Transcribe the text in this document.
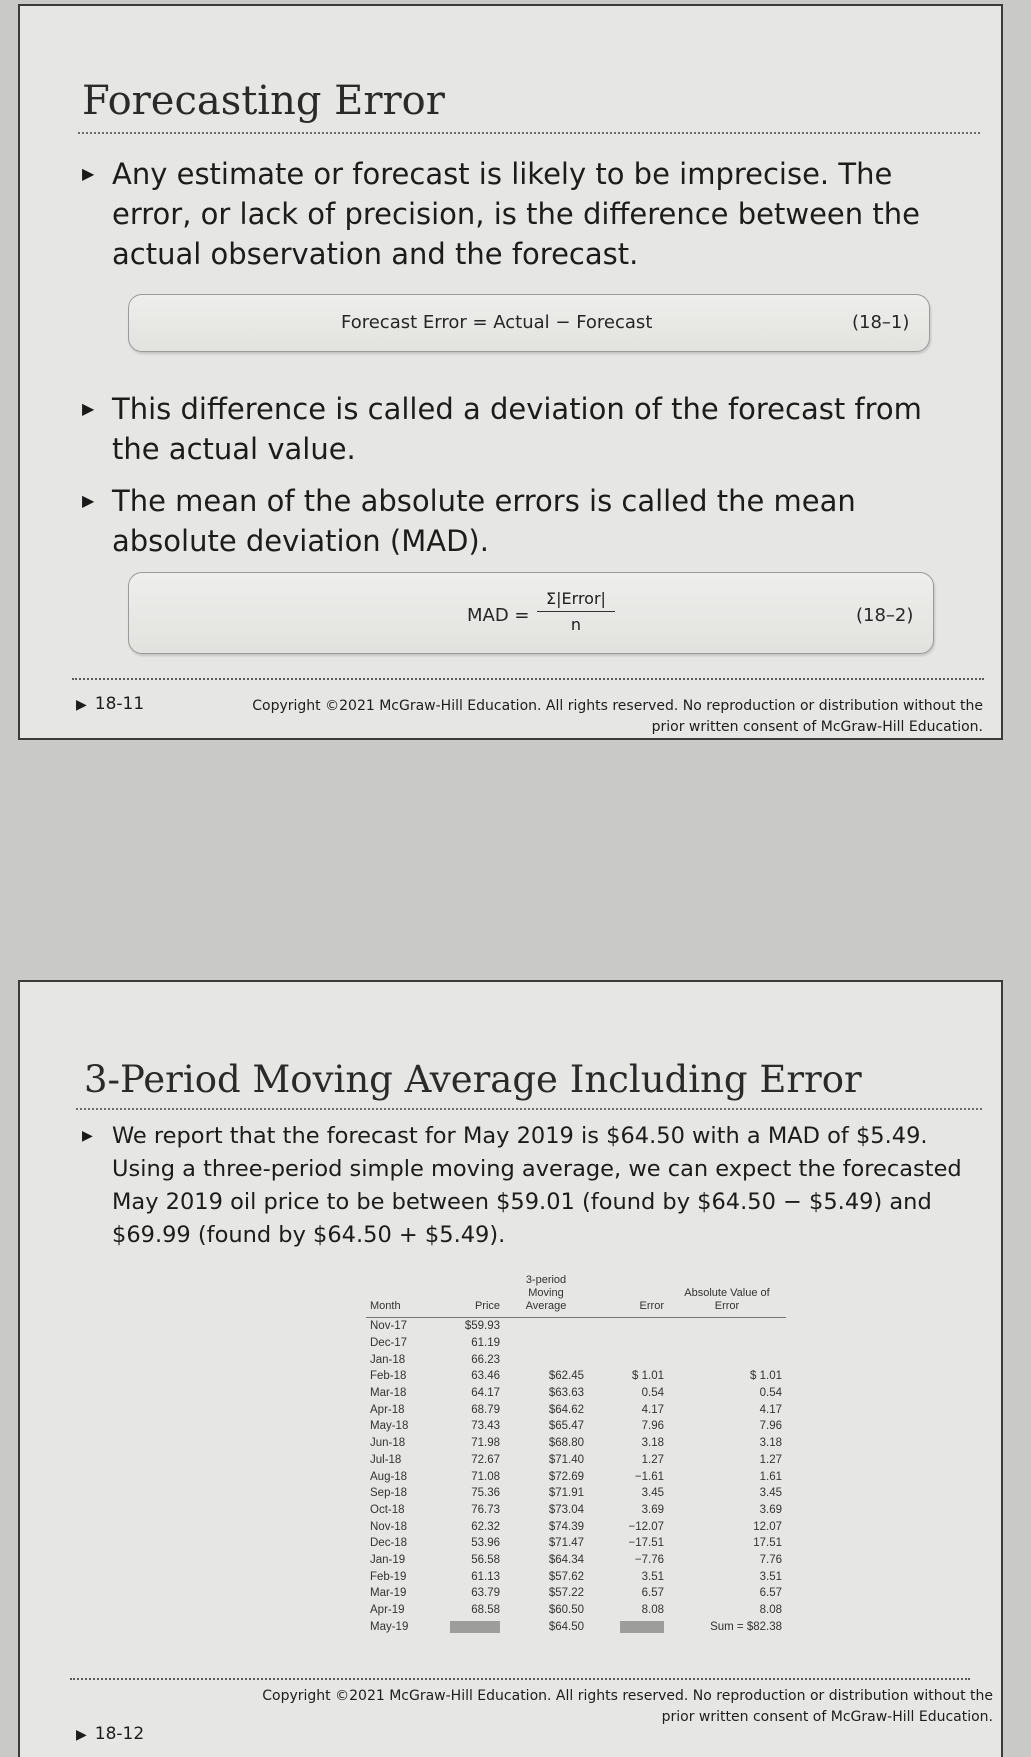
Forecasting Error
▶ Any estimate or forecast is likely to be imprecise. The error, or lack of precision, is the difference between the actual observation and the forecast.
Forecast Error = Actual − Forecast	(18–1)
▶ This difference is called a deviation of the forecast from the actual value.
▶ The mean of the absolute errors is called the mean absolute deviation (MAD).
MAD =
Σ|Error|
n	(18–2)
▶ 18-11	Copyright ©2021 McGraw-Hill Education. All rights reserved. No reproduction or distribution without the
prior written consent of McGraw-Hill Education.
3-Period Moving Average Including Error
▶ We report that the forecast for May 2019 is $64.50 with a MAD of $5.49. Using a three-period simple moving average, we can expect the forecasted May 2019 oil price to be between $59.01 (found by $64.50 − $5.49) and $69.99 (found by $64.50 + $5.49).
Month	Price	3-period Moving Average	Error	Absolute Value of Error
Nov-17	$59.93			
Dec-17	61.19			
Jan-18	66.23			
Feb-18	63.46	$62.45	$ 1.01	$ 1.01
Mar-18	64.17	$63.63	0.54	0.54
Apr-18	68.79	$64.62	4.17	4.17
May-18	73.43	$65.47	7.96	7.96
Jun-18	71.98	$68.80	3.18	3.18
Jul-18	72.67	$71.40	1.27	1.27
Aug-18	71.08	$72.69	−1.61	1.61
Sep-18	75.36	$71.91	3.45	3.45
Oct-18	76.73	$73.04	3.69	3.69
Nov-18	62.32	$74.39	−12.07	12.07
Dec-18	53.96	$71.47	−17.51	17.51
Jan-19	56.58	$64.34	−7.76	7.76
Feb-19	61.13	$57.62	3.51	3.51
Mar-19	63.79	$57.22	6.57	6.57
Apr-19	68.58	$60.50	8.08	8.08
May-19		$64.50		Sum = $82.38
▶ 18-12
Copyright ©2021 McGraw-Hill Education. All rights reserved. No reproduction or distribution without the
prior written consent of McGraw-Hill Education.
